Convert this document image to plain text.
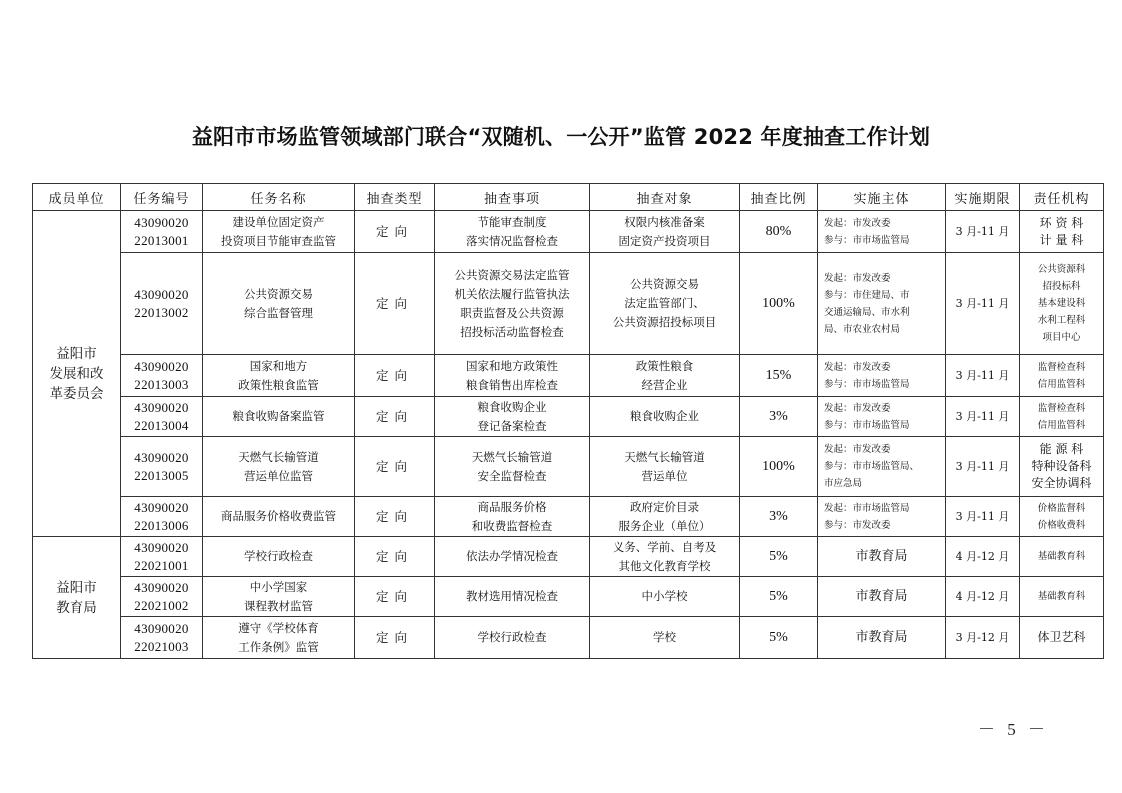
益阳市市场监管领域部门联合“双随机、一公开”监管 2022 年度抽查工作计划
成员单位	任务编号	任务名称	抽查类型	抽查事项	抽查对象	抽查比例	实施主体	实施期限	责任机构

益阳市
发展和改
革委员会	43090020
22013001	建设单位固定资产
投资项目节能审查监管	定向	节能审查制度
落实情况监督检查	权限内核准备案
固定资产投资项目	80%	发起：市发改委
参与：市市场监管局	3 月-11 月	环 资 科
计 量 科

	43090020
22013002	公共资源交易
综合监督管理	定向	公共资源交易法定监管
机关依法履行监管执法
职责监督及公共资源
招投标活动监督检查	公共资源交易
法定监管部门、
公共资源招投标项目	100%	发起：市发改委
参与：市住建局、市
交通运输局、市水利
局、市农业农村局	3 月-11 月	公共资源科
招投标科
基本建设科
水利工程科
项目中心

	43090020
22013003	国家和地方
政策性粮食监管	定向	国家和地方政策性
粮食销售出库检查	政策性粮食
经营企业	15%	发起：市发改委
参与：市市场监管局	3 月-11 月	监督检查科
信用监管科

	43090020
22013004	粮食收购备案监管	定向	粮食收购企业
登记备案检查	粮食收购企业	3%	发起：市发改委
参与：市市场监管局	3 月-11 月	监督检查科
信用监管科

	43090020
22013005	天燃气长输管道
营运单位监管	定向	天燃气长输管道
安全监督检查	天燃气长输管道
营运单位	100%	发起：市发改委
参与：市市场监管局、
市应急局	3 月-11 月	能 源 科
特种设备科
安全协调科

	43090020
22013006	商品服务价格收费监管	定向	商品服务价格
和收费监督检查	政府定价目录
服务企业（单位）	3%	发起：市市场监管局
参与：市发改委	3 月-11 月	价格监督科
价格收费科

益阳市
教育局	43090020
22021001	学校行政检查	定向	依法办学情况检查	义务、学前、自考及
其他文化教育学校	5%	市教育局	4 月-12 月	基础教育科

	43090020
22021002	中小学国家
课程教材监管	定向	教材选用情况检查	中小学校	5%	市教育局	4 月-12 月	基础教育科

	43090020
22021003	遵守《学校体育
工作条例》监管	定向	学校行政检查	学校	5%	市教育局	3 月-12 月	体卫艺科
－ 5 －
